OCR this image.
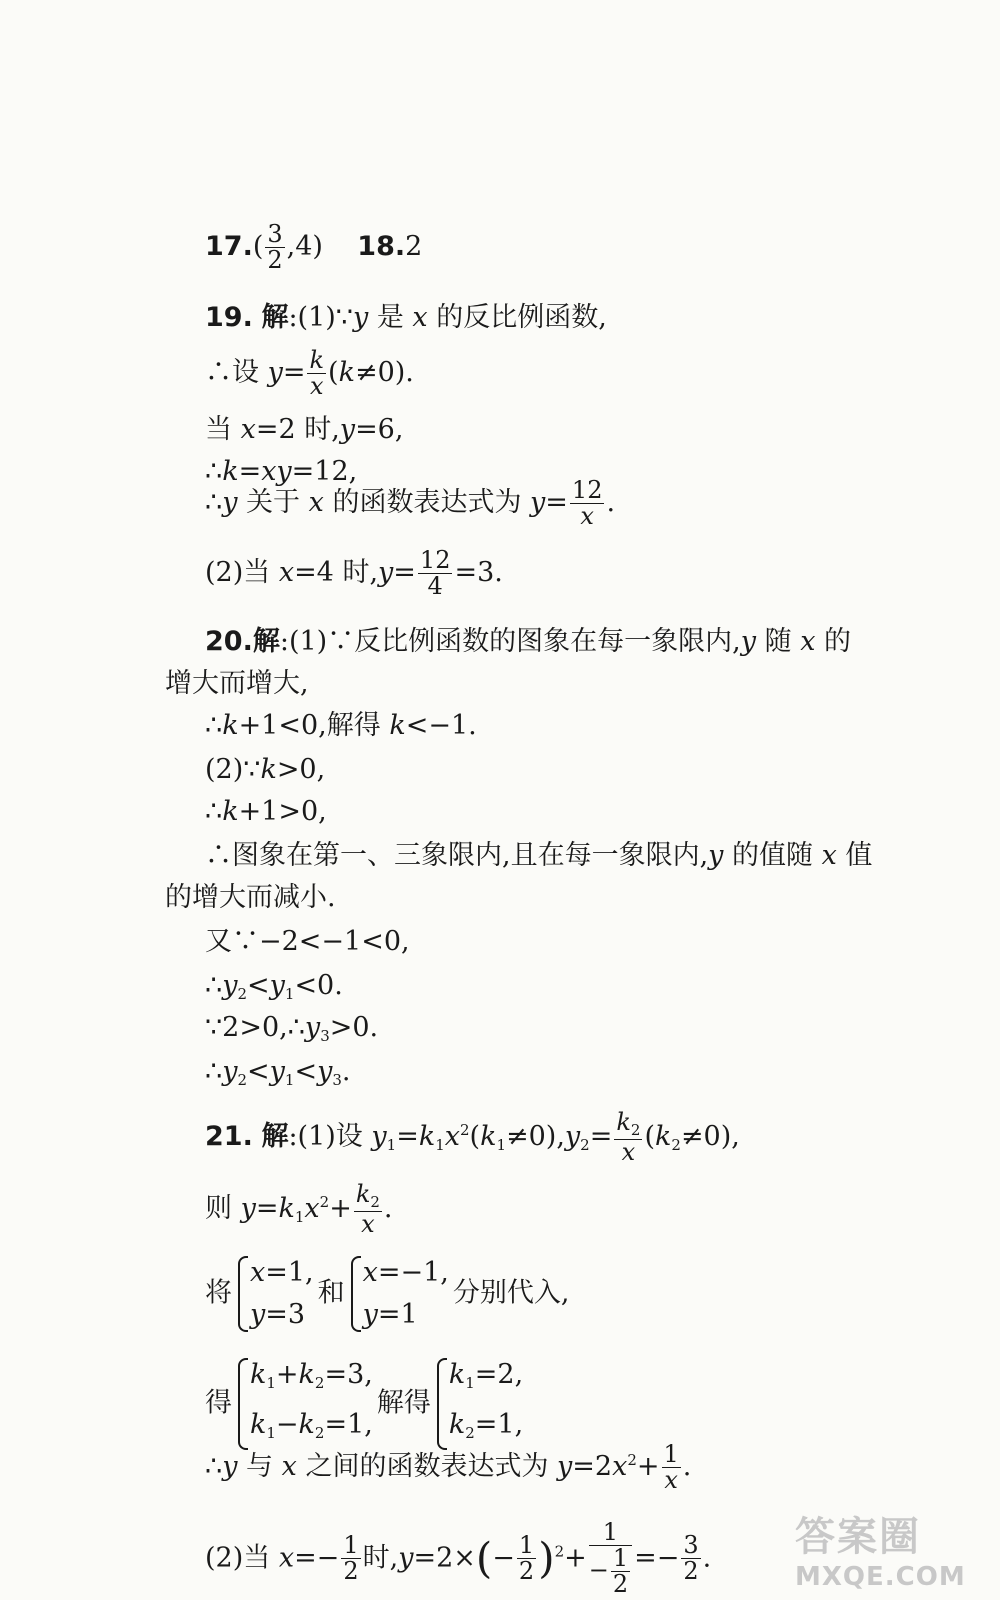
$17.( \frac{3}{2} ,4)$    18.2
19. 解:(1)∵y 是 x 的反比例函数,
∴设 $y= \frac{k}{x} (k\ne 0)$.
当 x=2 时,y=6,
∴k=xy=12,
∴y 关于 x 的函数表达式为 $y= \frac{12}{x}$ .
(2)当 x=4 时$,y= \frac{12}{4} =3$.
20.解:(1)∵反比例函数的图象在每一象限内,y 随 x 的
增大而增大,
∴k+1<0,解得 k<−1.
(2)∵k>0,
∴k+1>0,
∴图象在第一、三象限内,且在每一象限内,y 的值随 x 值
的增大而减小.
又∵−2<−1<0,
$\therefore y_2<y_1<0$.
$\because 2>0,\therefore y_3>0$.
$\therefore y_2<y_1<y_3$.
21. 解:(1)设 $y_1=k_1x^2(k_1\ne 0),y_2= \frac{k_2}{x} (k_2\ne 0)$,
则 $y=k_1x^2+ \frac{k_2}{x}$ .
将
x=1,
y=3
和
x=−1,
y=1
分别代入,
得
$k_1+k_2=3$,
$k_1-k_2=1$,
解得
$k_1=2$,
$k_2=1$,
∴y 与 x 之间的函数表达式为 $y=2x^2+ \frac{1}{x}$ .
(2)当 $x=- \frac{1}{2}$ 时$,y=2\times(- \frac{1}{2} )^2+ \frac{1}{- \frac{1}{2}} =- \frac{3}{2}$ . 答案圈
MXQE.COM
